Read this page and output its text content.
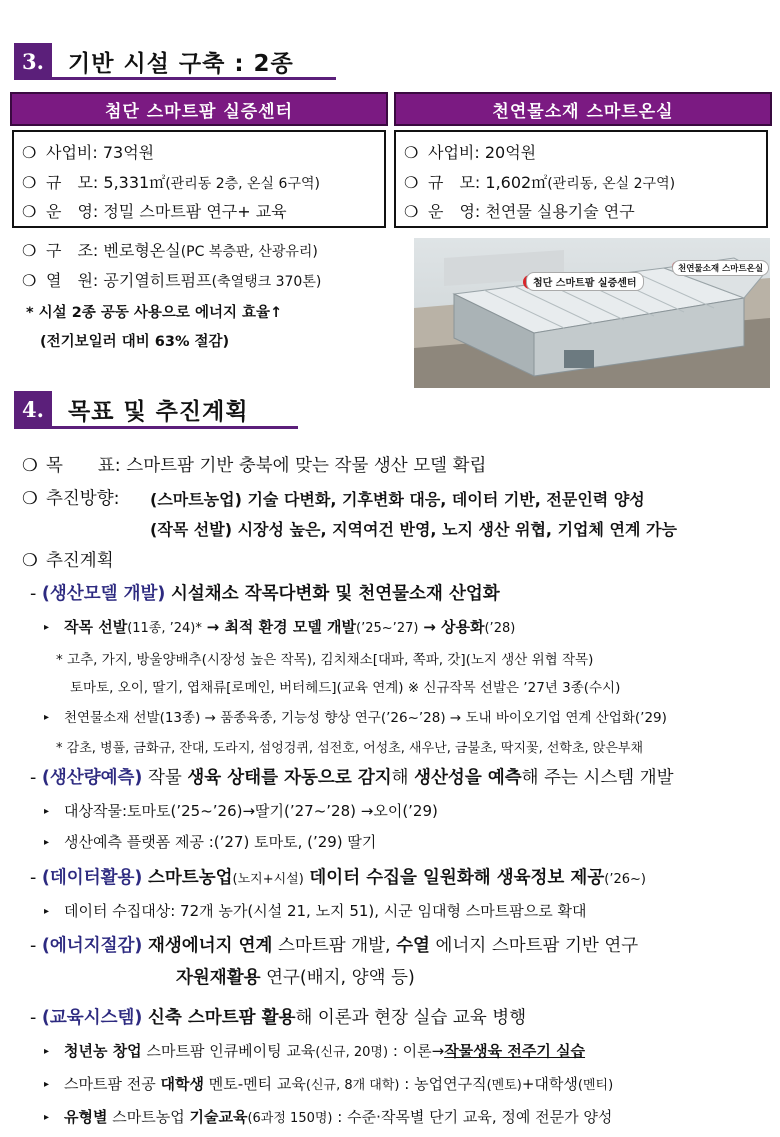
3.	기반 시설 구축 : 2종
첨단 스마트팜 실증센터	천연물소재 스마트온실
❍ 사업비: 73억원
❍ 규　모: 5,331㎡(관리동 2층, 온실 6구역)
❍ 운　영: 정밀 스마트팜 연구+ 교육
❍ 사업비: 20억원
❍ 규　모: 1,602㎡(관리동, 온실 2구역)
❍ 운　영: 천연물 실용기술 연구
❍ 구　조: 벤로형온실(PC 복층판, 산광유리)
❍ 열　원: 공기열히트펌프(축열탱크 370톤)
* 시설 2종 공동 사용으로 에너지 효율↑
(전기보일러 대비 63% 절감)
첨단 스마트팜 실증센터
천연물소재 스마트온실
4.	목표 및 추진계획
❍ 목　　표: 스마트팜 기반 충북에 맞는 작물 생산 모델 확립
❍ 추진방향: (스마트농업) 기술 다변화, 기후변화 대응, 데이터 기반, 전문인력 양성
(작목 선발) 시장성 높은, 지역여건 반영, 노지 생산 위협, 기업체 연계 가능
❍ 추진계획
- (생산모델 개발) 시설채소 작목다변화 및 천연물소재 산업화
▸ 작목 선발(11종, ’24)* → 최적 환경 모델 개발(’25~’27) → 상용화(’28)
* 고추, 가지, 방울양배추(시장성 높은 작목), 김치채소[대파, 쪽파, 갓](노지 생산 위협 작목)
토마토, 오이, 딸기, 엽채류[로메인, 버터헤드](교육 연계) ※ 신규작목 선발은 ’27년 3종(수시)
▸ 천연물소재 선발(13종) → 품종육종, 기능성 향상 연구(’26~’28) → 도내 바이오기업 연계 산업화(’29)
* 감초, 병풀, 금화규, 잔대, 도라지, 섬엉겅퀴, 섬전호, 어성초, 새우난, 금불초, 딱지꽃, 선학초, 앉은부채
- (생산량예측) 작물 생육 상태를 자동으로 감지해 생산성을 예측해 주는 시스템 개발
▸ 대상작물:토마토(’25~’26)→딸기(’27~’28) →오이(’29)
▸ 생산예측 플랫폼 제공 :(’27) 토마토, (’29) 딸기
- (데이터활용) 스마트농업(노지+시설) 데이터 수집을 일원화해 생육정보 제공(’26~)
▸ 데이터 수집대상: 72개 농가(시설 21, 노지 51), 시군 임대형 스마트팜으로 확대
- (에너지절감) 재생에너지 연계 스마트팜 개발, 수열 에너지 스마트팜 기반 연구
자원재활용 연구(배지, 양액 등)
- (교육시스템) 신축 스마트팜 활용해 이론과 현장 실습 교육 병행
▸ 청년농 창업 스마트팜 인큐베이팅 교육(신규, 20명) : 이론→작물생육 전주기 실습
▸ 스마트팜 전공 대학생 멘토-멘티 교육(신규, 8개 대학) : 농업연구직(멘토)+대학생(멘티)
▸ 유형별 스마트농업 기술교육(6과정 150명) : 수준·작목별 단기 교육, 정예 전문가 양성
